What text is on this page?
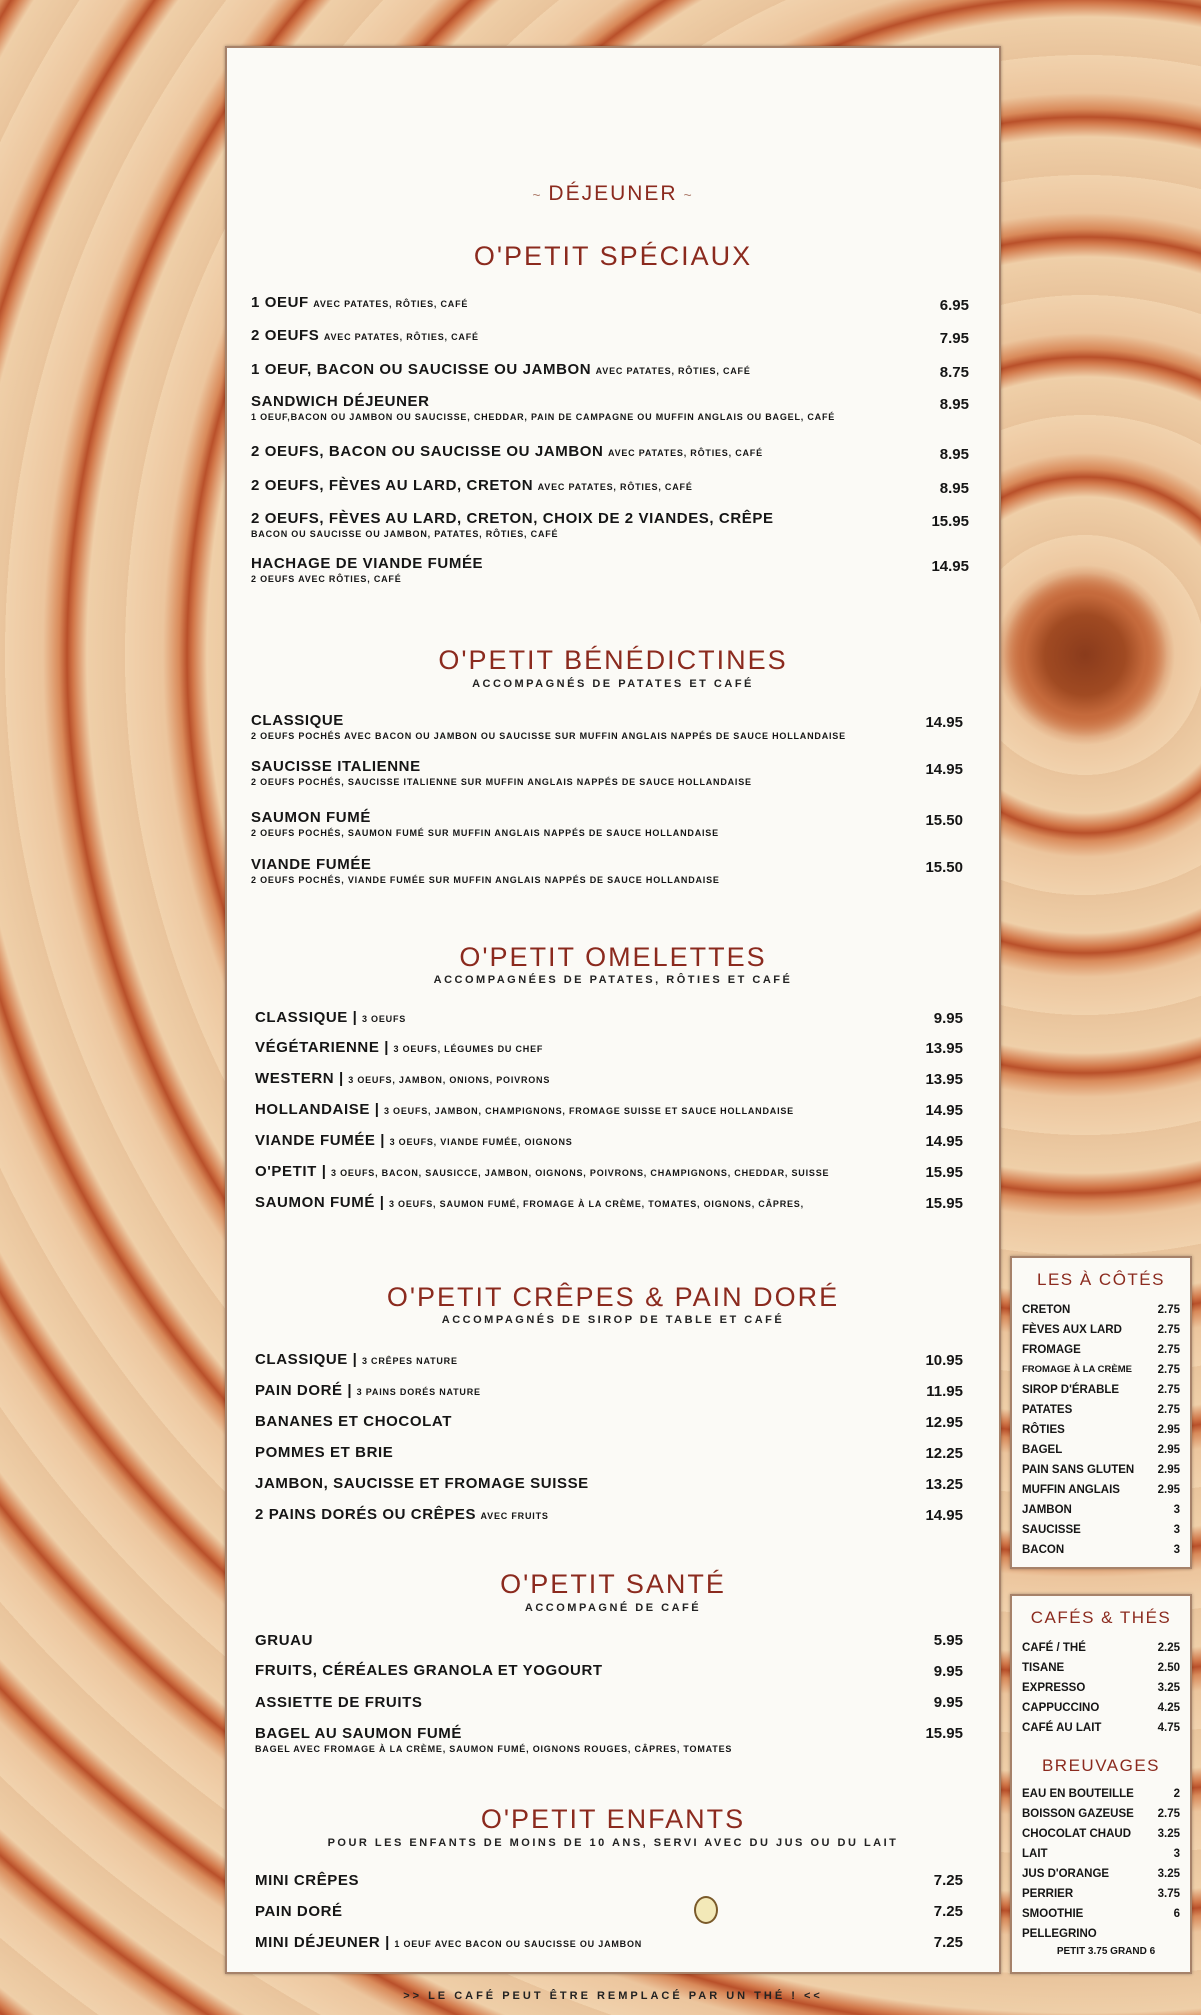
~ DÉJEUNER ~
O'PETIT SPÉCIAUX
1 OEUF AVEC PATATES, RÔTIES, CAFÉ	6.95
2 OEUFS AVEC PATATES, RÔTIES, CAFÉ	7.95
1 OEUF, BACON OU SAUCISSE OU JAMBON AVEC PATATES, RÔTIES, CAFÉ	8.75
SANDWICH DÉJEUNER
1 OEUF,BACON OU JAMBON OU SAUCISSE, CHEDDAR, PAIN DE CAMPAGNE OU MUFFIN ANGLAIS OU BAGEL, CAFÉ
8.95
2 OEUFS, BACON OU SAUCISSE OU JAMBON AVEC PATATES, RÔTIES, CAFÉ	8.95
2 OEUFS, FÈVES AU LARD, CRETON AVEC PATATES, RÔTIES, CAFÉ	8.95
2 OEUFS, FÈVES AU LARD, CRETON, CHOIX DE 2 VIANDES, CRÊPE
BACON OU SAUCISSE OU JAMBON, PATATES, RÔTIES, CAFÉ
15.95
HACHAGE DE VIANDE FUMÉE
2 OEUFS AVEC RÔTIES, CAFÉ
14.95
O'PETIT BÉNÉDICTINES
ACCOMPAGNÉS DE PATATES ET CAFÉ
CLASSIQUE
2 OEUFS POCHÉS AVEC BACON OU JAMBON OU SAUCISSE SUR MUFFIN ANGLAIS NAPPÉS DE SAUCE HOLLANDAISE
14.95
SAUCISSE ITALIENNE
2 OEUFS POCHÉS, SAUCISSE ITALIENNE SUR MUFFIN ANGLAIS NAPPÉS DE SAUCE HOLLANDAISE
14.95
SAUMON FUMÉ
2 OEUFS POCHÉS, SAUMON FUMÉ SUR MUFFIN ANGLAIS NAPPÉS DE SAUCE HOLLANDAISE
15.50
VIANDE FUMÉE
2 OEUFS POCHÉS, VIANDE FUMÉE SUR MUFFIN ANGLAIS NAPPÉS DE SAUCE HOLLANDAISE
15.50
O'PETIT OMELETTES
ACCOMPAGNÉES DE PATATES, RÔTIES ET CAFÉ
CLASSIQUE | 3 OEUFS	9.95
VÉGÉTARIENNE | 3 OEUFS, LÉGUMES DU CHEF	13.95
WESTERN | 3 OEUFS, JAMBON, ONIONS, POIVRONS	13.95
HOLLANDAISE | 3 OEUFS, JAMBON, CHAMPIGNONS, FROMAGE SUISSE ET SAUCE HOLLANDAISE	14.95
VIANDE FUMÉE | 3 OEUFS, VIANDE FUMÉE, OIGNONS	14.95
O'PETIT | 3 OEUFS, BACON, SAUSICCE, JAMBON, OIGNONS, POIVRONS, CHAMPIGNONS, CHEDDAR, SUISSE	15.95
SAUMON FUMÉ | 3 OEUFS, SAUMON FUMÉ, FROMAGE À LA CRÈME, TOMATES, OIGNONS, CÂPRES,	15.95
O'PETIT CRÊPES & PAIN DORÉ
ACCOMPAGNÉS DE SIROP DE TABLE ET CAFÉ
CLASSIQUE | 3 CRÊPES NATURE	10.95
PAIN DORÉ | 3 PAINS DORÉS NATURE	11.95
BANANES ET CHOCOLAT	12.95
POMMES ET BRIE	12.25
JAMBON, SAUCISSE ET FROMAGE SUISSE	13.25
2 PAINS DORÉS OU CRÊPES AVEC FRUITS	14.95
O'PETIT SANTÉ
ACCOMPAGNÉ DE CAFÉ
GRUAU	5.95
FRUITS, CÉRÉALES GRANOLA ET YOGOURT	9.95
ASSIETTE DE FRUITS	9.95
BAGEL AU SAUMON FUMÉ
BAGEL AVEC FROMAGE À LA CRÈME, SAUMON FUMÉ, OIGNONS ROUGES, CÂPRES, TOMATES
15.95
O'PETIT ENFANTS
POUR LES ENFANTS DE MOINS DE 10 ANS, SERVI AVEC DU JUS OU DU LAIT
MINI CRÊPES	7.25
PAIN DORÉ	7.25
MINI DÉJEUNER | 1 OEUF AVEC BACON OU SAUCISSE OU JAMBON	7.25
>> LE CAFÉ PEUT ÊTRE REMPLACÉ PAR UN THÉ ! <<
LES À CÔTÉS
CRETON	2.75
FÈVES AUX LARD	2.75
FROMAGE	2.75
FROMAGE À LA CRÈME 2.75
SIROP D'ÉRABLE	2.75
PATATES	2.75
RÔTIES	2.95
BAGEL	2.95
PAIN SANS GLUTEN 2.95
MUFFIN ANGLAIS	2.95
JAMBON	3
SAUCISSE	3
BACON	3
CAFÉS & THÉS
CAFÉ / THÉ	2.25
TISANE	2.50
EXPRESSO	3.25
CAPPUCCINO	4.25
CAFÉ AU LAIT	4.75
BREUVAGES
EAU EN BOUTEILLE	2
BOISSON GAZEUSE 2.75
CHOCOLAT CHAUD 3.25
LAIT	3
JUS D'ORANGE	3.25
PERRIER	3.75
SMOOTHIE	6
PELLEGRINO
PETIT 3.75 GRAND 6
